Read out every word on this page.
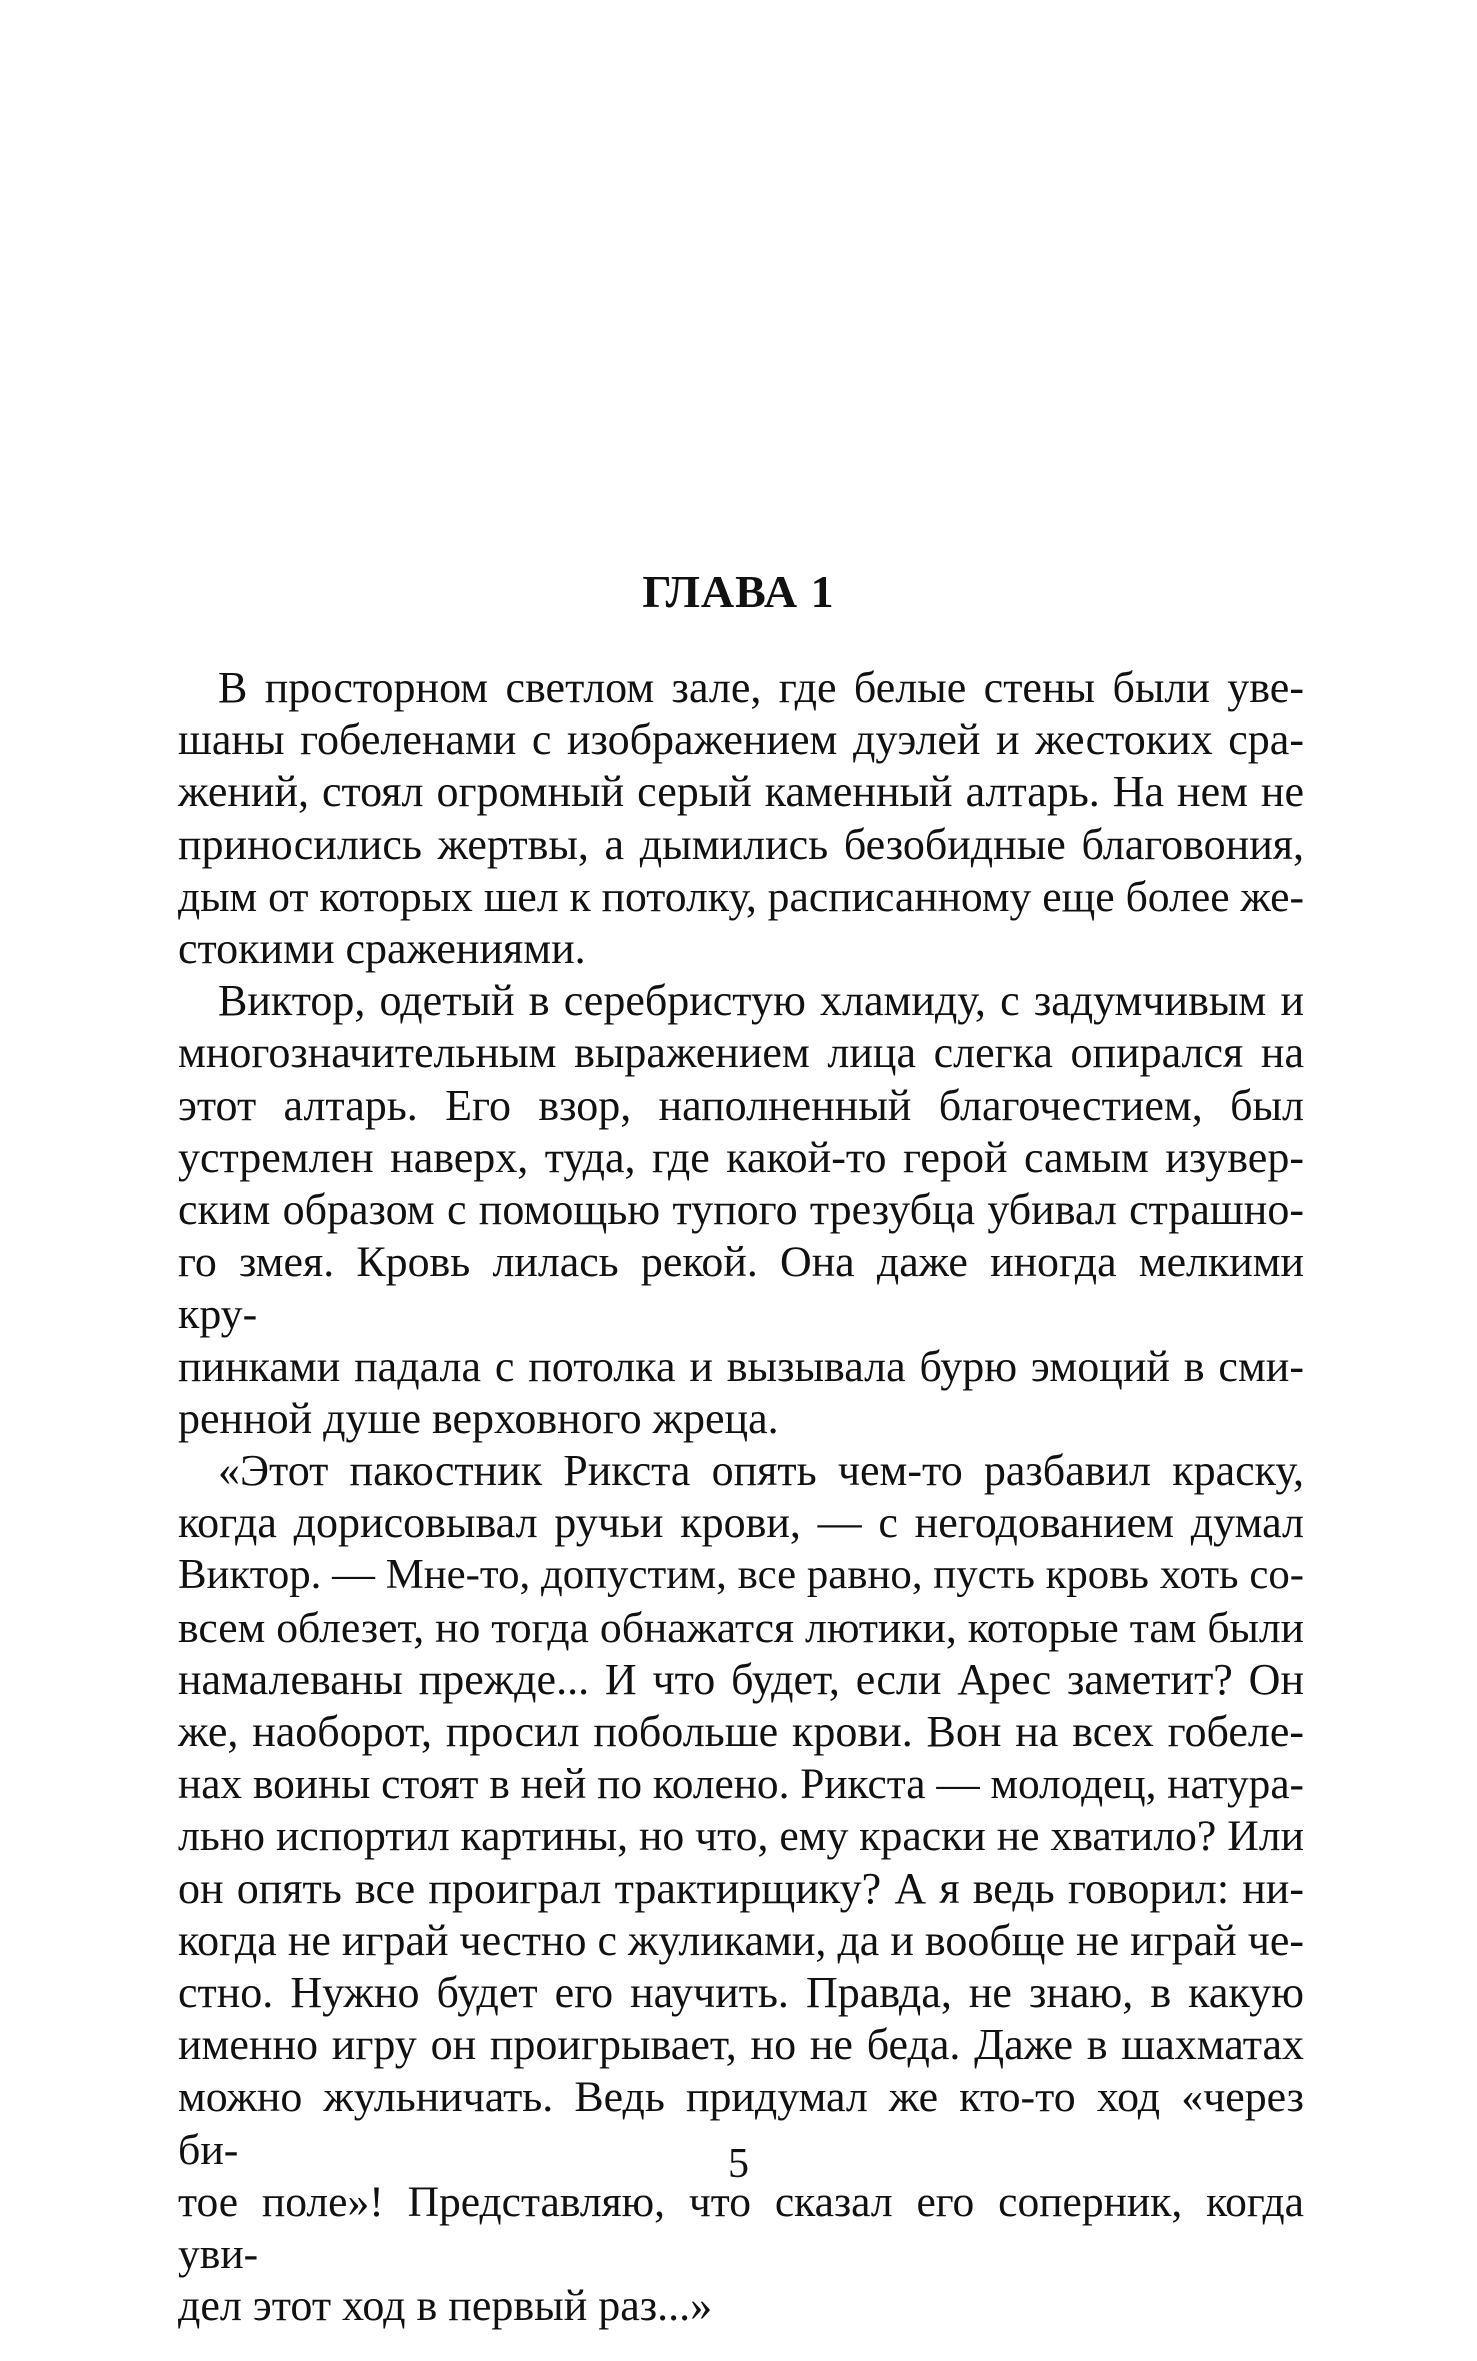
ГЛАВА 1

В просторном светлом зале, где белые стены были уве-
шаны гобеленами с изображением дуэлей и жестоких сра-
жений, стоял огромный серый каменный алтарь. На нем не
приносились жертвы, а дымились безобидные благовония,
дым от которых шел к потолку, расписанному еще более же-
стокими сражениями.

Виктор, одетый в серебристую хламиду, с задумчивым и
многозначительным выражением лица слегка опирался на
этот алтарь. Его взор, наполненный благочестием, был
устремлен наверх, туда, где какой-то герой самым изувер-
ским образом с помощью тупого трезубца убивал страшно-
го змея. Кровь лилась рекой. Она даже иногда мелкими кру-
пинками падала с потолка и вызывала бурю эмоций в сми-
ренной душе верховного жреца.

«Этот пакостник Рикста опять чем-то разбавил краску,
когда дорисовывал ручьи крови, — с негодованием думал
Виктор. — Мне-то, допустим, все равно, пусть кровь хоть со-
всем облезет, но тогда обнажатся лютики, которые там были
намалеваны прежде... И что будет, если Арес заметит? Он
же, наоборот, просил побольше крови. Вон на всех гобеле-
нах воины стоят в ней по колено. Рикста — молодец, натура-
льно испортил картины, но что, ему краски не хватило? Или
он опять все проиграл трактирщику? А я ведь говорил: ни-
когда не играй честно с жуликами, да и вообще не играй че-
стно. Нужно будет его научить. Правда, не знаю, в какую
именно игру он проигрывает, но не беда. Даже в шахматах
можно жульничать. Ведь придумал же кто-то ход «через би-
тое поле»! Представляю, что сказал его соперник, когда уви-
дел этот ход в первый раз...»

5
